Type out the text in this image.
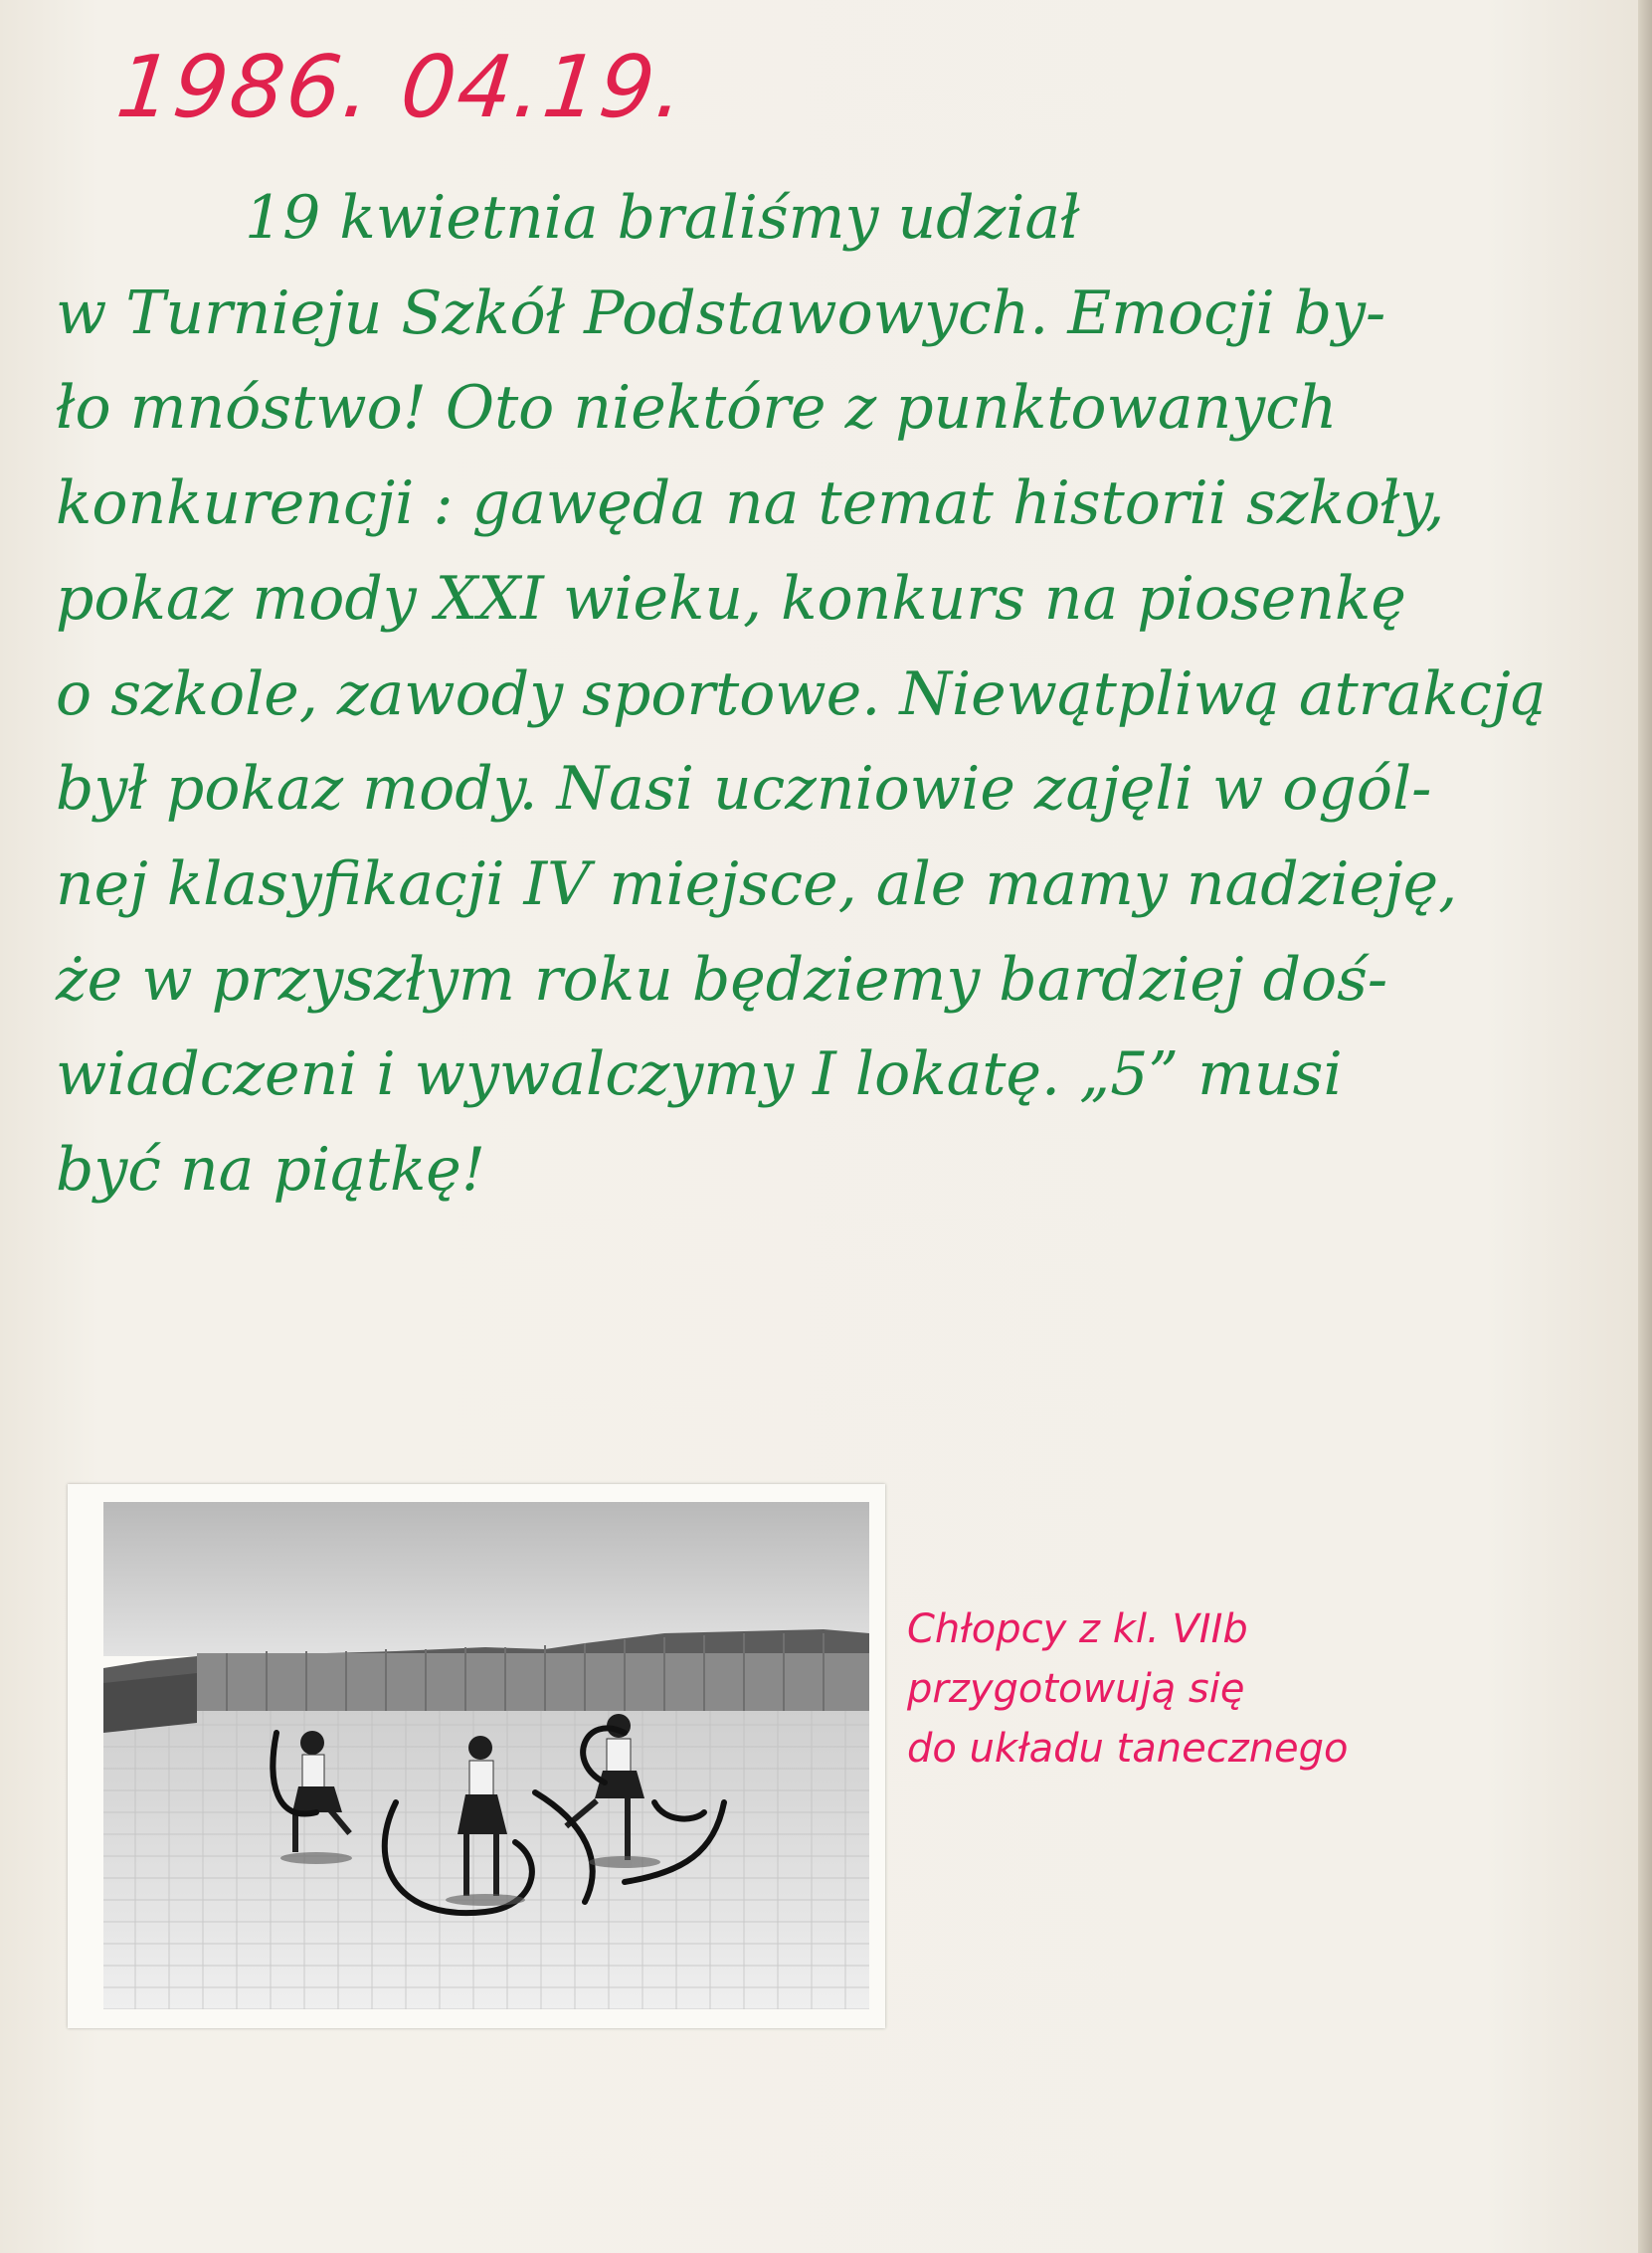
1986. 04.19.

19 kwietnia braliśmy udział
w Turnieju Szkół Podstawowych. Emocji by-
ło mnóstwo! Oto niektóre z punktowanych
konkurencji : gawęda na temat historii szkoły,
pokaz mody XXI wieku, konkurs na piosenkę
o szkole, zawody sportowe. Niewątpliwą atrakcją
był pokaz mody. Nasi uczniowie zajęli w ogól-
nej klasyfikacji IV miejsce, ale mamy nadzieję,
że w przyszłym roku będziemy bardziej doś-
wiadczeni i wywalczymy I lokatę. „5” musi
być na piątkę!

Chłopcy z kl. VIIb
przygotowują się
do układu tanecznego
